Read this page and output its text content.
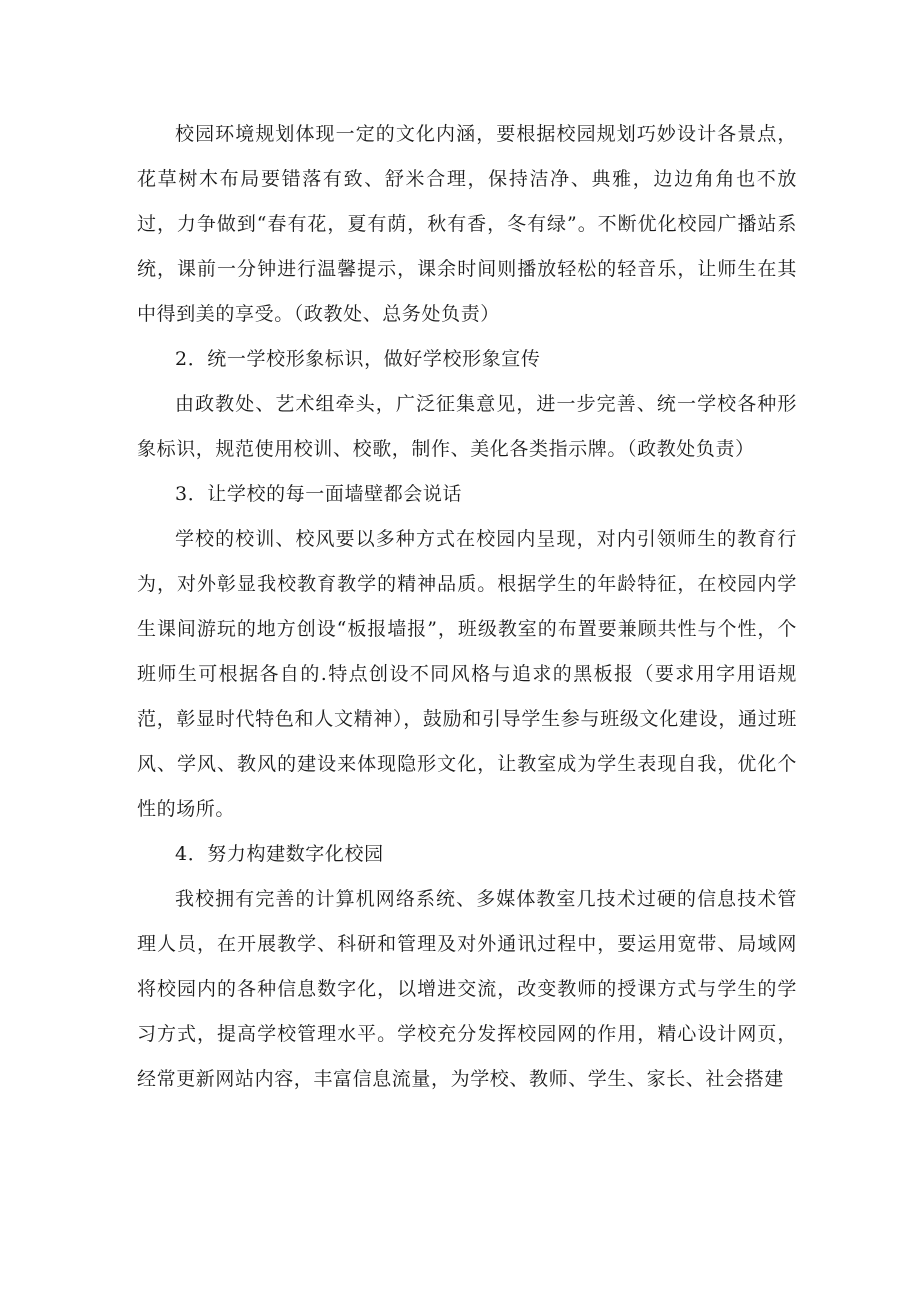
校园环境规划体现一定的文化内涵，要根据校园规划巧妙设计各景点，花草树木布局要错落有致、舒米合理，保持洁净、典雅，边边角角也不放过，力争做到“春有花，夏有荫，秋有香，冬有绿”。不断优化校园广播站系统，课前一分钟进行温馨提示，课余时间则播放轻松的轻音乐，让师生在其中得到美的享受。（政教处、总务处负责）

2．统一学校形象标识，做好学校形象宣传

由政教处、艺术组牵头，广泛征集意见，进一步完善、统一学校各种形象标识，规范使用校训、校歌，制作、美化各类指示牌。（政教处负责）

3．让学校的每一面墙壁都会说话

学校的校训、校风要以多种方式在校园内呈现，对内引领师生的教育行为，对外彰显我校教育教学的精神品质。根据学生的年龄特征，在校园内学生课间游玩的地方创设“板报墙报”，班级教室的布置要兼顾共性与个性，个班师生可根据各自的.特点创设不同风格与追求的黑板报（要求用字用语规范，彰显时代特色和人文精神），鼓励和引导学生参与班级文化建设，通过班风、学风、教风的建设来体现隐形文化，让教室成为学生表现自我，优化个性的场所。

4．努力构建数字化校园

我校拥有完善的计算机网络系统、多媒体教室几技术过硬的信息技术管理人员，在开展教学、科研和管理及对外通讯过程中，要运用宽带、局域网将校园内的各种信息数字化，以增进交流，改变教师的授课方式与学生的学习方式，提高学校管理水平。学校充分发挥校园网的作用，精心设计网页，经常更新网站内容，丰富信息流量，为学校、教师、学生、家长、社会搭建
